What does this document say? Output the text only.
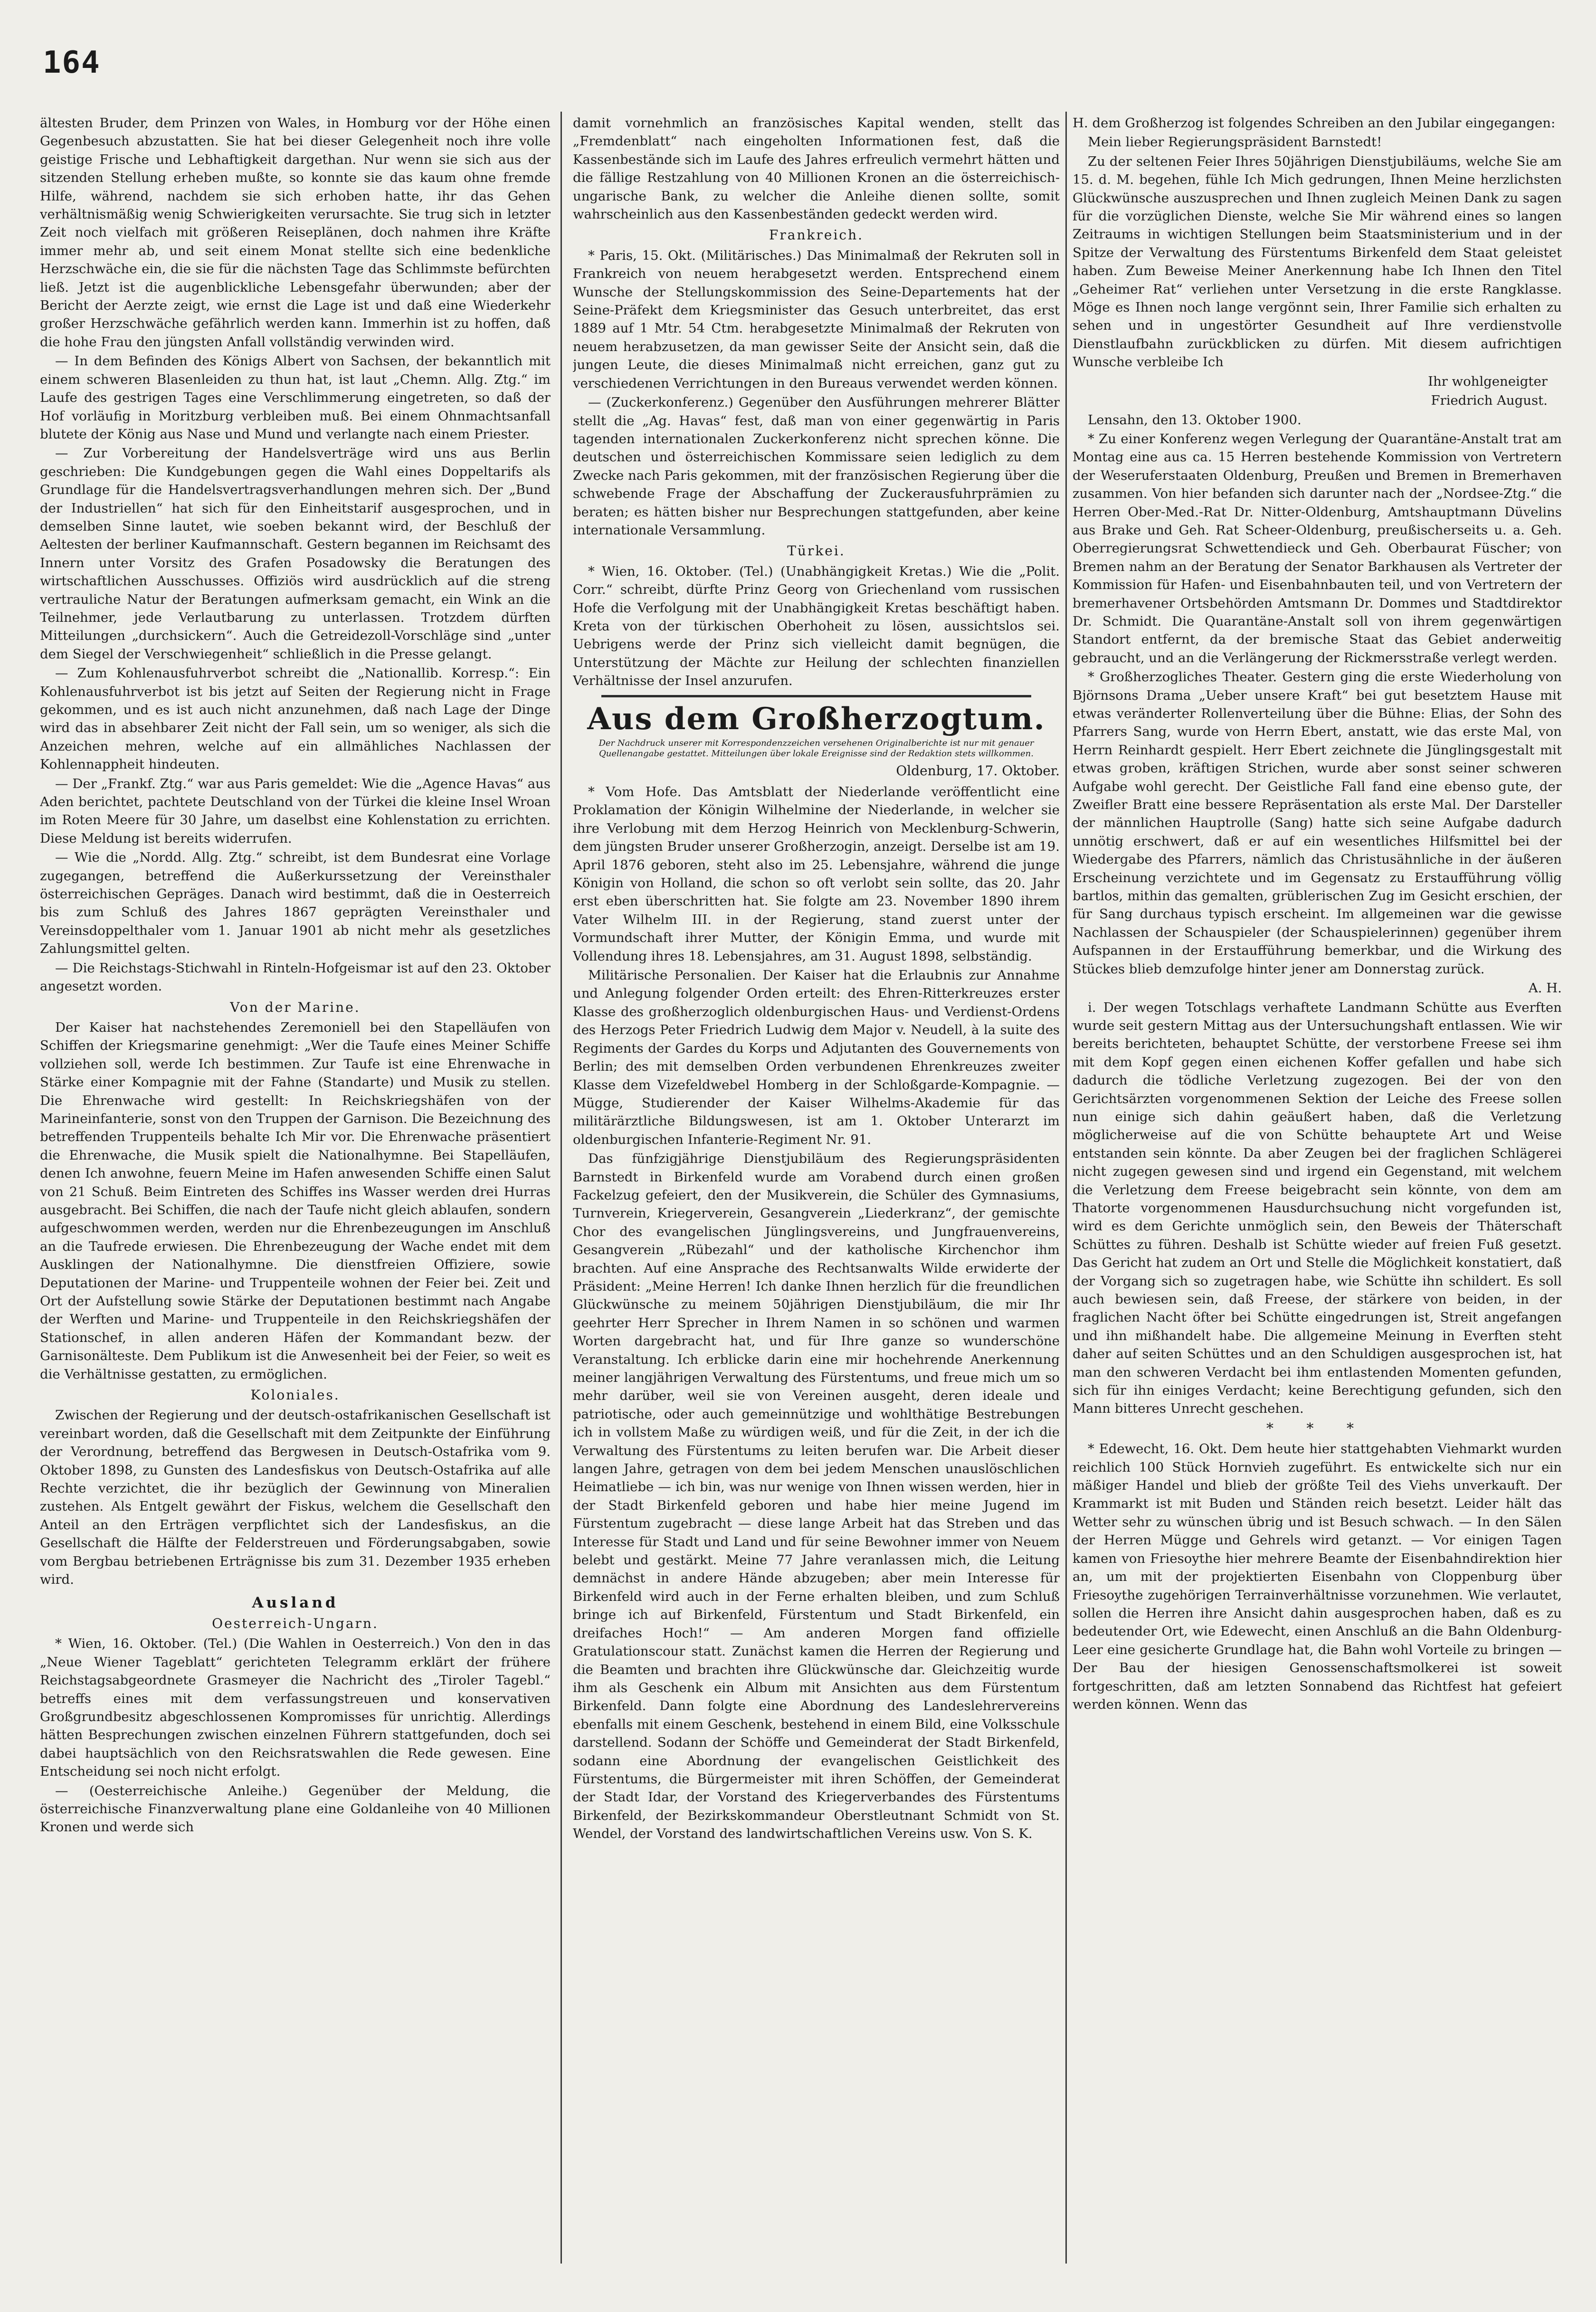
164

ältesten Bruder, dem Prinzen von Wales, in Homburg vor der Höhe einen Gegenbesuch abzustatten. Sie hat bei dieser Gelegenheit noch ihre volle geistige Frische und Lebhaftigkeit dargethan. Nur wenn sie sich aus der sitzenden Stellung erheben mußte, so konnte sie das kaum ohne fremde Hilfe, während, nachdem sie sich erhoben hatte, ihr das Gehen verhältnismäßig wenig Schwierigkeiten verursachte. Sie trug sich in letzter Zeit noch vielfach mit größeren Reiseplänen, doch nahmen ihre Kräfte immer mehr ab, und seit einem Monat stellte sich eine bedenkliche Herzschwäche ein, die sie für die nächsten Tage das Schlimmste befürchten ließ. Jetzt ist die augenblickliche Lebensgefahr überwunden; aber der Bericht der Aerzte zeigt, wie ernst die Lage ist und daß eine Wiederkehr großer Herzschwäche gefährlich werden kann. Immerhin ist zu hoffen, daß die hohe Frau den jüngsten Anfall vollständig verwinden wird.

— In dem Befinden des Königs Albert von Sachsen, der bekanntlich mit einem schweren Blasenleiden zu thun hat, ist laut „Chemn. Allg. Ztg.“ im Laufe des gestrigen Tages eine Verschlimmerung eingetreten, so daß der Hof vorläufig in Moritzburg verbleiben muß. Bei einem Ohnmachtsanfall blutete der König aus Nase und Mund und verlangte nach einem Priester.

— Zur Vorbereitung der Handelsverträge wird uns aus Berlin geschrieben: Die Kundgebungen gegen die Wahl eines Doppeltarifs als Grundlage für die Handelsvertragsverhandlungen mehren sich. Der „Bund der Industriellen“ hat sich für den Einheitstarif ausgesprochen, und in demselben Sinne lautet, wie soeben bekannt wird, der Beschluß der Aeltesten der berliner Kaufmannschaft. Gestern begannen im Reichsamt des Innern unter Vorsitz des Grafen Posadowsky die Beratungen des wirtschaftlichen Ausschusses. Offiziös wird ausdrücklich auf die streng vertrauliche Natur der Beratungen aufmerksam gemacht, ein Wink an die Teilnehmer, jede Verlautbarung zu unterlassen. Trotzdem dürften Mitteilungen „durchsickern“. Auch die Getreidezoll-Vorschläge sind „unter dem Siegel der Verschwiegenheit“ schließlich in die Presse gelangt.

— Zum Kohlenausfuhrverbot schreibt die „Nationallib. Korresp.“: Ein Kohlenausfuhrverbot ist bis jetzt auf Seiten der Regierung nicht in Frage gekommen, und es ist auch nicht anzunehmen, daß nach Lage der Dinge wird das in absehbarer Zeit nicht der Fall sein, um so weniger, als sich die Anzeichen mehren, welche auf ein allmähliches Nachlassen der Kohlennappheit hindeuten.

— Der „Frankf. Ztg.“ war aus Paris gemeldet: Wie die „Agence Havas“ aus Aden berichtet, pachtete Deutschland von der Türkei die kleine Insel Wroan im Roten Meere für 30 Jahre, um daselbst eine Kohlenstation zu errichten. Diese Meldung ist bereits widerrufen.

— Wie die „Nordd. Allg. Ztg.“ schreibt, ist dem Bundesrat eine Vorlage zugegangen, betreffend die Außerkurssetzung der Vereinsthaler österreichischen Gepräges. Danach wird bestimmt, daß die in Oesterreich bis zum Schluß des Jahres 1867 geprägten Vereinsthaler und Vereinsdoppelthaler vom 1. Januar 1901 ab nicht mehr als gesetzliches Zahlungsmittel gelten.

— Die Reichstags-Stichwahl in Rinteln-Hofgeismar ist auf den 23. Oktober angesetzt worden.

Von der Marine.

Der Kaiser hat nachstehendes Zeremoniell bei den Stapelläufen von Schiffen der Kriegsmarine genehmigt: „Wer die Taufe eines Meiner Schiffe vollziehen soll, werde Ich bestimmen. Zur Taufe ist eine Ehrenwache in Stärke einer Kompagnie mit der Fahne (Standarte) und Musik zu stellen. Die Ehrenwache wird gestellt: In Reichskriegshäfen von der Marineinfanterie, sonst von den Truppen der Garnison. Die Bezeichnung des betreffenden Truppenteils behalte Ich Mir vor. Die Ehrenwache präsentiert die Ehrenwache, die Musik spielt die Nationalhymne. Bei Stapelläufen, denen Ich anwohne, feuern Meine im Hafen anwesenden Schiffe einen Salut von 21 Schuß. Beim Eintreten des Schiffes ins Wasser werden drei Hurras ausgebracht. Bei Schiffen, die nach der Taufe nicht gleich ablaufen, sondern aufgeschwommen werden, werden nur die Ehrenbezeugungen im Anschluß an die Taufrede erwiesen. Die Ehrenbezeugung der Wache endet mit dem Ausklingen der Nationalhymne. Die dienstfreien Offiziere, sowie Deputationen der Marine- und Truppenteile wohnen der Feier bei. Zeit und Ort der Aufstellung sowie Stärke der Deputationen bestimmt nach Angabe der Werften und Marine- und Truppenteile in den Reichskriegshäfen der Stationschef, in allen anderen Häfen der Kommandant bezw. der Garnisonälteste. Dem Publikum ist die Anwesenheit bei der Feier, so weit es die Verhältnisse gestatten, zu ermöglichen.

Koloniales.

Zwischen der Regierung und der deutsch-ostafrikanischen Gesellschaft ist vereinbart worden, daß die Gesellschaft mit dem Zeitpunkte der Einführung der Verordnung, betreffend das Bergwesen in Deutsch-Ostafrika vom 9. Oktober 1898, zu Gunsten des Landesfiskus von Deutsch-Ostafrika auf alle Rechte verzichtet, die ihr bezüglich der Gewinnung von Mineralien zustehen. Als Entgelt gewährt der Fiskus, welchem die Gesellschaft den Anteil an den Erträgen verpflichtet sich der Landesfiskus, an die Gesellschaft die Hälfte der Felderstreuen und Förderungsabgaben, sowie vom Bergbau betriebenen Erträgnisse bis zum 31. Dezember 1935 erheben wird.

Ausland
Oesterreich-Ungarn.

* Wien, 16. Oktober. (Tel.) (Die Wahlen in Oesterreich.) Von den in das „Neue Wiener Tageblatt“ gerichteten Telegramm erklärt der frühere Reichstagsabgeordnete Grasmeyer die Nachricht des „Tiroler Tagebl.“ betreffs eines mit dem verfassungstreuen und konservativen Großgrundbesitz abgeschlossenen Kompromisses für unrichtig. Allerdings hätten Besprechungen zwischen einzelnen Führern stattgefunden, doch sei dabei hauptsächlich von den Reichsratswahlen die Rede gewesen. Eine Entscheidung sei noch nicht erfolgt.

— (Oesterreichische Anleihe.) Gegenüber der Meldung, die österreichische Finanzverwaltung plane eine Goldanleihe von 40 Millionen Kronen und werde sich

damit vornehmlich an französisches Kapital wenden, stellt das „Fremdenblatt“ nach eingeholten Informationen fest, daß die Kassenbestände sich im Laufe des Jahres erfreulich vermehrt hätten und die fällige Restzahlung von 40 Millionen Kronen an die österreichisch-ungarische Bank, zu welcher die Anleihe dienen sollte, somit wahrscheinlich aus den Kassenbeständen gedeckt werden wird.

Frankreich.

* Paris, 15. Okt. (Militärisches.) Das Minimalmaß der Rekruten soll in Frankreich von neuem herabgesetzt werden. Entsprechend einem Wunsche der Stellungskommission des Seine-Departements hat der Seine-Präfekt dem Kriegsminister das Gesuch unterbreitet, das erst 1889 auf 1 Mtr. 54 Ctm. herabgesetzte Minimalmaß der Rekruten von neuem herabzusetzen, da man gewisser Seite der Ansicht sein, daß die jungen Leute, die dieses Minimalmaß nicht erreichen, ganz gut zu verschiedenen Verrichtungen in den Bureaus verwendet werden können.

— (Zuckerkonferenz.) Gegenüber den Ausführungen mehrerer Blätter stellt die „Ag. Havas“ fest, daß man von einer gegenwärtig in Paris tagenden internationalen Zuckerkonferenz nicht sprechen könne. Die deutschen und österreichischen Kommissare seien lediglich zu dem Zwecke nach Paris gekommen, mit der französischen Regierung über die schwebende Frage der Abschaffung der Zuckerausfuhrprämien zu beraten; es hätten bisher nur Besprechungen stattgefunden, aber keine internationale Versammlung.

Türkei.

* Wien, 16. Oktober. (Tel.) (Unabhängigkeit Kretas.) Wie die „Polit. Corr.“ schreibt, dürfte Prinz Georg von Griechenland vom russischen Hofe die Verfolgung mit der Unabhängigkeit Kretas beschäftigt haben. Kreta von der türkischen Oberhoheit zu lösen, aussichtslos sei. Uebrigens werde der Prinz sich vielleicht damit begnügen, die Unterstützung der Mächte zur Heilung der schlechten finanziellen Verhältnisse der Insel anzurufen.

Aus dem Großherzogtum.
Der Nachdruck unserer mit Korrespondenzzeichen versehenen Originalberichte ist nur mit genauer Quellenangabe gestattet. Mitteilungen über lokale Ereignisse sind der Redaktion stets willkommen.
Oldenburg, 17. Oktober.

* Vom Hofe. Das Amtsblatt der Niederlande veröffentlicht eine Proklamation der Königin Wilhelmine der Niederlande, in welcher sie ihre Verlobung mit dem Herzog Heinrich von Mecklenburg-Schwerin, dem jüngsten Bruder unserer Großherzogin, anzeigt. Derselbe ist am 19. April 1876 geboren, steht also im 25. Lebensjahre, während die junge Königin von Holland, die schon so oft verlobt sein sollte, das 20. Jahr erst eben überschritten hat. Sie folgte am 23. November 1890 ihrem Vater Wilhelm III. in der Regierung, stand zuerst unter der Vormundschaft ihrer Mutter, der Königin Emma, und wurde mit Vollendung ihres 18. Lebensjahres, am 31. August 1898, selbständig.

Militärische Personalien. Der Kaiser hat die Erlaubnis zur Annahme und Anlegung folgender Orden erteilt: des Ehren-Ritterkreuzes erster Klasse des großherzoglich oldenburgischen Haus- und Verdienst-Ordens des Herzogs Peter Friedrich Ludwig dem Major v. Neudell, à la suite des Regiments der Gardes du Korps und Adjutanten des Gouvernements von Berlin; des mit demselben Orden verbundenen Ehrenkreuzes zweiter Klasse dem Vizefeldwebel Homberg in der Schloßgarde-Kompagnie. — Mügge, Studierender der Kaiser Wilhelms-Akademie für das militärärztliche Bildungswesen, ist am 1. Oktober Unterarzt im oldenburgischen Infanterie-Regiment Nr. 91.

Das fünfzigjährige Dienstjubiläum des Regierungspräsidenten Barnstedt in Birkenfeld wurde am Vorabend durch einen großen Fackelzug gefeiert, den der Musikverein, die Schüler des Gymnasiums, Turnverein, Kriegerverein, Gesangverein „Liederkranz“, der gemischte Chor des evangelischen Jünglingsvereins, und Jungfrauenvereins, Gesangverein „Rübezahl“ und der katholische Kirchenchor ihm brachten. Auf eine Ansprache des Rechtsanwalts Wilde erwiderte der Präsident: „Meine Herren! Ich danke Ihnen herzlich für die freundlichen Glückwünsche zu meinem 50jährigen Dienstjubiläum, die mir Ihr geehrter Herr Sprecher in Ihrem Namen in so schönen und warmen Worten dargebracht hat, und für Ihre ganze so wunderschöne Veranstaltung. Ich erblicke darin eine mir hochehrende Anerkennung meiner langjährigen Verwaltung des Fürstentums, und freue mich um so mehr darüber, weil sie von Vereinen ausgeht, deren ideale und patriotische, oder auch gemeinnützige und wohlthätige Bestrebungen ich in vollstem Maße zu würdigen weiß, und für die Zeit, in der ich die Verwaltung des Fürstentums zu leiten berufen war. Die Arbeit dieser langen Jahre, getragen von dem bei jedem Menschen unauslöschlichen Heimatliebe — ich bin, was nur wenige von Ihnen wissen werden, hier in der Stadt Birkenfeld geboren und habe hier meine Jugend im Fürstentum zugebracht — diese lange Arbeit hat das Streben und das Interesse für Stadt und Land und für seine Bewohner immer von Neuem belebt und gestärkt. Meine 77 Jahre veranlassen mich, die Leitung demnächst in andere Hände abzugeben; aber mein Interesse für Birkenfeld wird auch in der Ferne erhalten bleiben, und zum Schluß bringe ich auf Birkenfeld, Fürstentum und Stadt Birkenfeld, ein dreifaches Hoch!“ — Am anderen Morgen fand offizielle Gratulationscour statt. Zunächst kamen die Herren der Regierung und die Beamten und brachten ihre Glückwünsche dar. Gleichzeitig wurde ihm als Geschenk ein Album mit Ansichten aus dem Fürstentum Birkenfeld. Dann folgte eine Abordnung des Landeslehrervereins ebenfalls mit einem Geschenk, bestehend in einem Bild, eine Volksschule darstellend. Sodann der Schöffe und Gemeinderat der Stadt Birkenfeld, sodann eine Abordnung der evangelischen Geistlichkeit des Fürstentums, die Bürgermeister mit ihren Schöffen, der Gemeinderat der Stadt Idar, der Vorstand des Kriegerverbandes des Fürstentums Birkenfeld, der Bezirkskommandeur Oberstleutnant Schmidt von St. Wendel, der Vorstand des landwirtschaftlichen Vereins usw. Von S. K.

H. dem Großherzog ist folgendes Schreiben an den Jubilar eingegangen:

Mein lieber Regierungspräsident Barnstedt!

Zu der seltenen Feier Ihres 50jährigen Dienstjubiläums, welche Sie am 15. d. M. begehen, fühle Ich Mich gedrungen, Ihnen Meine herzlichsten Glückwünsche auszusprechen und Ihnen zugleich Meinen Dank zu sagen für die vorzüglichen Dienste, welche Sie Mir während eines so langen Zeitraums in wichtigen Stellungen beim Staatsministerium und in der Spitze der Verwaltung des Fürstentums Birkenfeld dem Staat geleistet haben. Zum Beweise Meiner Anerkennung habe Ich Ihnen den Titel „Geheimer Rat“ verliehen unter Versetzung in die erste Rangklasse. Möge es Ihnen noch lange vergönnt sein, Ihrer Familie sich erhalten zu sehen und in ungestörter Gesundheit auf Ihre verdienstvolle Dienstlaufbahn zurückblicken zu dürfen. Mit diesem aufrichtigen Wunsche verbleibe Ich

Ihr wohlgeneigter

Friedrich August.

Lensahn, den 13. Oktober 1900.

* Zu einer Konferenz wegen Verlegung der Quarantäne-Anstalt trat am Montag eine aus ca. 15 Herren bestehende Kommission von Vertretern der Weseruferstaaten Oldenburg, Preußen und Bremen in Bremerhaven zusammen. Von hier befanden sich darunter nach der „Nordsee-Ztg.“ die Herren Ober-Med.-Rat Dr. Nitter-Oldenburg, Amtshauptmann Düvelins aus Brake und Geh. Rat Scheer-Oldenburg, preußischerseits u. a. Geh. Oberregierungsrat Schwettendieck und Geh. Oberbaurat Füscher; von Bremen nahm an der Beratung der Senator Barkhausen als Vertreter der Kommission für Hafen- und Eisenbahnbauten teil, und von Vertretern der bremerhavener Ortsbehörden Amtsmann Dr. Dommes und Stadtdirektor Dr. Schmidt. Die Quarantäne-Anstalt soll von ihrem gegenwärtigen Standort entfernt, da der bremische Staat das Gebiet anderweitig gebraucht, und an die Verlängerung der Rickmersstraße verlegt werden.

* Großherzogliches Theater. Gestern ging die erste Wiederholung von Björnsons Drama „Ueber unsere Kraft“ bei gut besetztem Hause mit etwas veränderter Rollenverteilung über die Bühne: Elias, der Sohn des Pfarrers Sang, wurde von Herrn Ebert, anstatt, wie das erste Mal, von Herrn Reinhardt gespielt. Herr Ebert zeichnete die Jünglingsgestalt mit etwas groben, kräftigen Strichen, wurde aber sonst seiner schweren Aufgabe wohl gerecht. Der Geistliche Fall fand eine ebenso gute, der Zweifler Bratt eine bessere Repräsentation als erste Mal. Der Darsteller der männlichen Hauptrolle (Sang) hatte sich seine Aufgabe dadurch unnötig erschwert, daß er auf ein wesentliches Hilfsmittel bei der Wiedergabe des Pfarrers, nämlich das Christusähnliche in der äußeren Erscheinung verzichtete und im Gegensatz zu Erstaufführung völlig bartlos, mithin das gemalten, grüblerischen Zug im Gesicht erschien, der für Sang durchaus typisch erscheint. Im allgemeinen war die gewisse Nachlassen der Schauspieler (der Schauspielerinnen) gegenüber ihrem Aufspannen in der Erstaufführung bemerkbar, und die Wirkung des Stückes blieb demzufolge hinter jener am Donnerstag zurück.

A. H.

i. Der wegen Totschlags verhaftete Landmann Schütte aus Everften wurde seit gestern Mittag aus der Untersuchungshaft entlassen. Wie wir bereits berichteten, behauptet Schütte, der verstorbene Freese sei ihm mit dem Kopf gegen einen eichenen Koffer gefallen und habe sich dadurch die tödliche Verletzung zugezogen. Bei der von den Gerichtsärzten vorgenommenen Sektion der Leiche des Freese sollen nun einige sich dahin geäußert haben, daß die Verletzung möglicherweise auf die von Schütte behauptete Art und Weise entstanden sein könnte. Da aber Zeugen bei der fraglichen Schlägerei nicht zugegen gewesen sind und irgend ein Gegenstand, mit welchem die Verletzung dem Freese beigebracht sein könnte, von dem am Thatorte vorgenommenen Hausdurchsuchung nicht vorgefunden ist, wird es dem Gerichte unmöglich sein, den Beweis der Thäterschaft Schüttes zu führen. Deshalb ist Schütte wieder auf freien Fuß gesetzt. Das Gericht hat zudem an Ort und Stelle die Möglichkeit konstatiert, daß der Vorgang sich so zugetragen habe, wie Schütte ihn schildert. Es soll auch bewiesen sein, daß Freese, der stärkere von beiden, in der fraglichen Nacht öfter bei Schütte eingedrungen ist, Streit angefangen und ihn mißhandelt habe. Die allgemeine Meinung in Everften steht daher auf seiten Schüttes und an den Schuldigen ausgesprochen ist, hat man den schweren Verdacht bei ihm entlastenden Momenten gefunden, sich für ihn einiges Verdacht; keine Berechtigung gefunden, sich den Mann bitteres Unrecht geschehen.

* * *

* Edewecht, 16. Okt. Dem heute hier stattgehabten Viehmarkt wurden reichlich 100 Stück Hornvieh zugeführt. Es entwickelte sich nur ein mäßiger Handel und blieb der größte Teil des Viehs unverkauft. Der Krammarkt ist mit Buden und Ständen reich besetzt. Leider hält das Wetter sehr zu wünschen übrig und ist Besuch schwach. — In den Sälen der Herren Mügge und Gehrels wird getanzt. — Vor einigen Tagen kamen von Friesoythe hier mehrere Beamte der Eisenbahndirektion hier an, um mit der projektierten Eisenbahn von Cloppenburg über Friesoythe zugehörigen Terrainverhältnisse vorzunehmen. Wie verlautet, sollen die Herren ihre Ansicht dahin ausgesprochen haben, daß es zu bedeutender Ort, wie Edewecht, einen Anschluß an die Bahn Oldenburg-Leer eine gesicherte Grundlage hat, die Bahn wohl Vorteile zu bringen — Der Bau der hiesigen Genossenschaftsmolkerei ist soweit fortgeschritten, daß am letzten Sonnabend das Richtfest hat gefeiert werden können. Wenn das
